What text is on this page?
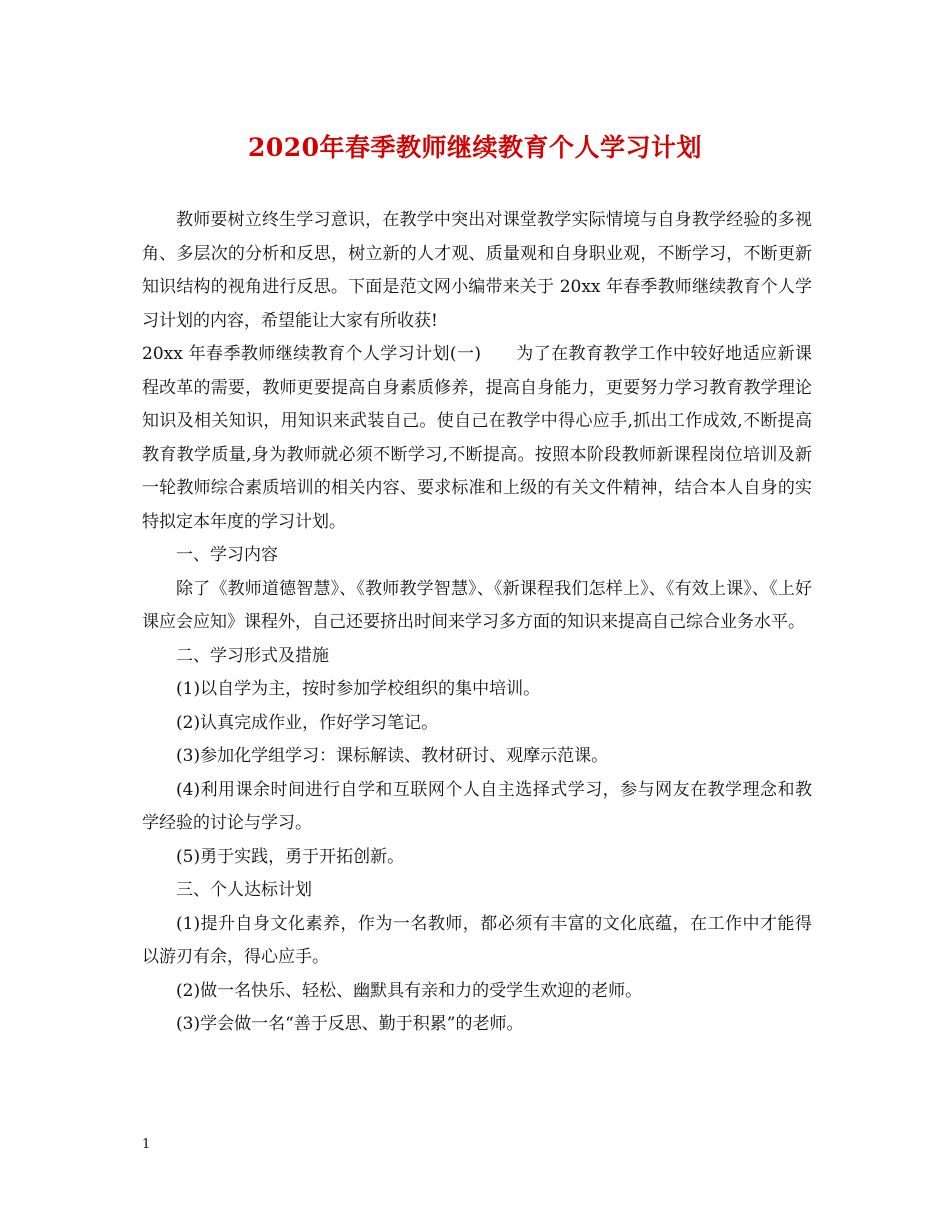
2020年春季教师继续教育个人学习计划

教师要树立终生学习意识，在教学中突出对课堂教学实际情境与自身教学经验的多视角、多层次的分析和反思，树立新的人才观、质量观和自身职业观，不断学习，不断更新知识结构的视角进行反思。下面是范文网小编带来关于 20xx 年春季教师继续教育个人学习计划的内容，希望能让大家有所收获!

20xx 年春季教师继续教育个人学习计划(一)　　为了在教育教学工作中较好地适应新课程改革的需要，教师更要提高自身素质修养，提高自身能力，更要努力学习教育教学理论知识及相关知识，用知识来武装自己。使自己在教学中得心应手,抓出工作成效,不断提高教育教学质量,身为教师就必须不断学习,不断提高。按照本阶段教师新课程岗位培训及新一轮教师综合素质培训的相关内容、要求标准和上级的有关文件精神，结合本人自身的实特拟定本年度的学习计划。

一、学习内容

除了《教师道德智慧》、《教师教学智慧》、《新课程我们怎样上》、《有效上课》、《上好课应会应知》课程外，自己还要挤出时间来学习多方面的知识来提高自己综合业务水平。

二、学习形式及措施

(1)以自学为主，按时参加学校组织的集中培训。

(2)认真完成作业，作好学习笔记。

(3)参加化学组学习：课标解读、教材研讨、观摩示范课。

(4)利用课余时间进行自学和互联网个人自主选择式学习，参与网友在教学理念和教学经验的讨论与学习。

(5)勇于实践，勇于开拓创新。

三、个人达标计划

(1)提升自身文化素养，作为一名教师，都必须有丰富的文化底蕴，在工作中才能得以游刃有余，得心应手。

(2)做一名快乐、轻松、幽默具有亲和力的受学生欢迎的老师。

(3)学会做一名“善于反思、勤于积累”的老师。

1
